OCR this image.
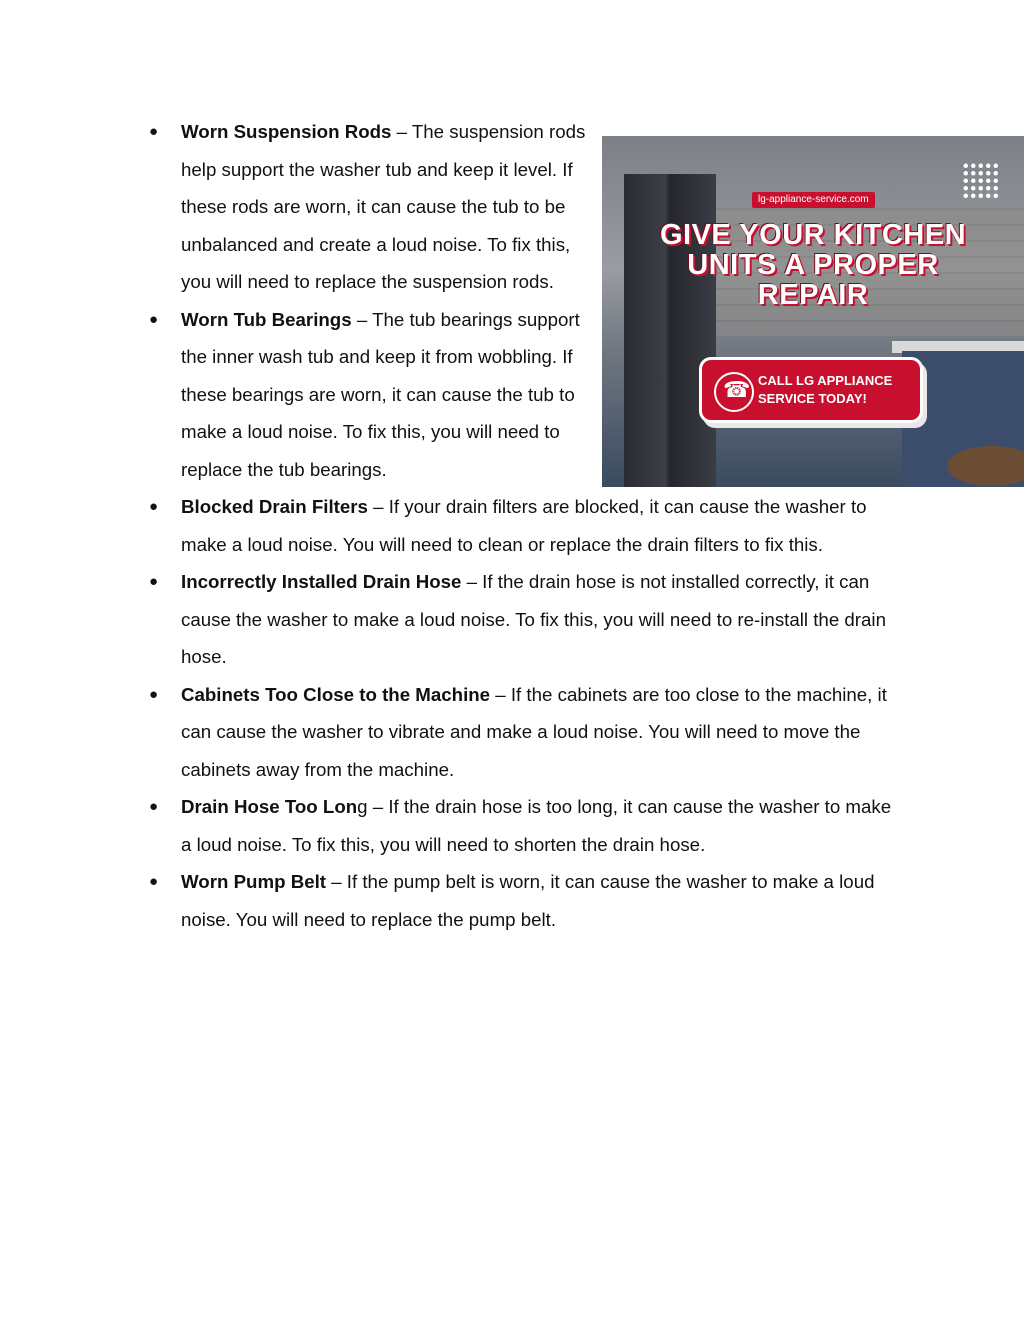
●
lg-appliance-service.com
GIVE YOUR KITCHEN UNITS A PROPER REPAIR
☎
CALL LG APPLIANCE
SERVICE TODAY!
Worn Suspension Rods – The suspension rods help support the washer tub and keep it level. If these rods are worn, it can cause the tub to be unbalanced and create a loud noise. To fix this, you will need to replace the suspension rods.
● Worn Tub Bearings – The tub bearings support the inner wash tub and keep it from wobbling. If these bearings are worn, it can cause the tub to make a loud noise. To fix this, you will need to replace the tub bearings.
● Blocked Drain Filters – If your drain filters are blocked, it can cause the washer to make a loud noise. You will need to clean or replace the drain filters to fix this.
● Incorrectly Installed Drain Hose – If the drain hose is not installed correctly, it can cause the washer to make a loud noise. To fix this, you will need to re-install the drain hose.
● Cabinets Too Close to the Machine – If the cabinets are too close to the machine, it can cause the washer to vibrate and make a loud noise. You will need to move the cabinets away from the machine.
● Drain Hose Too Long – If the drain hose is too long, it can cause the washer to make a loud noise. To fix this, you will need to shorten the drain hose.
● Worn Pump Belt – If the pump belt is worn, it can cause the washer to make a loud noise. You will need to replace the pump belt.
